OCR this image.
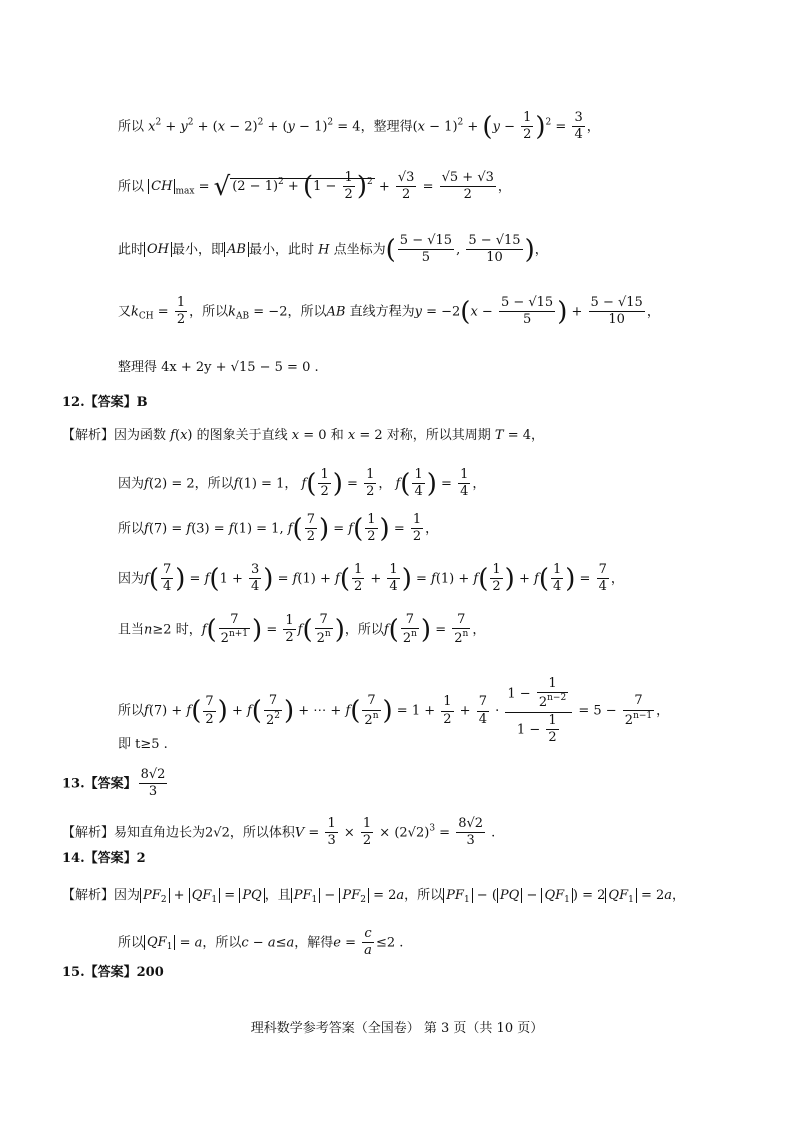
所以 $x^2 + y^2 + (x - 2)^2 + (y - 1)^2 = 4$，整理得$(x - 1)^2 + (y - \frac{1}{2} )^2 = \frac{3}{4}$ ，
所以 CH $_{max}$ = √ $(2 - 1)^2 + (1 - \frac{1}{2} )^2 + \frac{√3}{2} = \frac{√5 + √3}{2}$ ，
此时 OH 最小，即 AB 最小，此时 H 点坐标为( $\frac{5 - √15}{5}$ , $\frac{5 - √15}{10}$ )，
又$k_{CH} = \frac{1}{2}$ ，所以$k_{AB} = -2$，所以AB 直线方程为$y = -2(x - \frac{5 - √15}{5}$ ) + $\frac{5 - √15}{10}$ ，
整理得 4x + 2y + √15 − 5 = 0 .
12.【答案】B
【解析】因为函数 f(x) 的图象关于直线 x = 0 和 x = 2 对称，所以其周期 T = 4，
因为f(2) = 2，所以f(1) = 1， $f( \frac{1}{2}$ ) = $\frac{1}{2}$ ， $f( \frac{1}{4}$ ) = $\frac{1}{4}$ ，
所以f(7) = f(3) = f(1) = 1, $f( \frac{7}{2}$ ) = $f( \frac{1}{2}$ ) = $\frac{1}{2}$ ，
因为$f( \frac{7}{4}$ ) = $f(1 + \frac{3}{4}$ ) = $f(1) + f( \frac{1}{2} + \frac{1}{4}$ ) = $f(1) + f( \frac{1}{2}$ ) + $f( \frac{1}{4}$ ) = $\frac{7}{4}$ ，
且当n≥2 时，$f( \frac{7}{2^{n+1}}$ ) = $\frac{1}{2} f( \frac{7}{2^n}$ )，所以$f( \frac{7}{2^n}$ ) = $\frac{7}{2^n}$ ，
所以$f(7) + f( \frac{7}{2}$ ) + $f( \frac{7}{2^2}$ ) + ⋯ + $f( \frac{7}{2^n}$ ) = $1 + \frac{1}{2} + \frac{7}{4} \cdot \frac{1 - \frac{1}{2^{n-2}}}{1 - \frac{1}{2}} = 5 - \frac{7}{2^{n-1}}$ ，
即 t≥5 .
13.【答案】 $\frac{8√2}{3}$
【解析】易知直角边长为2√2，所以体积$V = \frac{1}{3} \times \frac{1}{2} \times (2√2)^3 = \frac{8√2}{3}$ .
14.【答案】2
【解析】因为 $PF_2 + QF_1$ = PQ ，且 $PF_1 - PF_2 = 2a$，所以 $PF_1$ − ( PQ − $QF_1$ ) = 2 $QF_1 = 2a$，
所以 $QF_1 = a$，所以c − a≤a，解得$e = \frac{c}{a} \le 2$ .
15.【答案】200
理科数学参考答案（全国卷） 第 3 页（共 10 页）
